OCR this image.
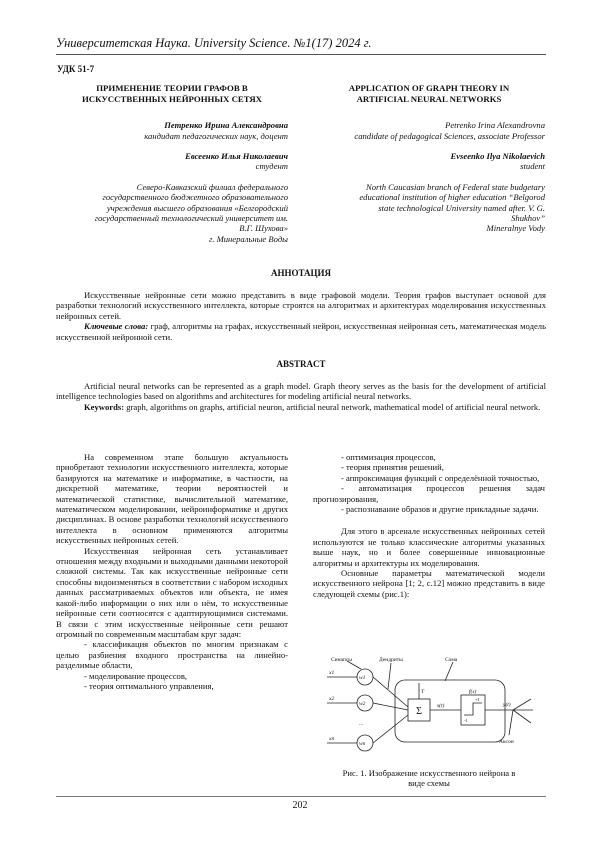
Университетская Наука. University Science. №1(17) 2024 г.
УДК 51-7
ПРИМЕНЕНИЕ ТЕОРИИ ГРАФОВ В
ИСКУССТВЕННЫХ НЕЙРОННЫХ СЕТЯХ
Петренко Ирина Александровна
кандидат педагогических наук, доцент
Евсеенко Илья Николаевич
студент
Северо-Кавказский филиал федерального
государственного бюджетного образовательного
учреждения высшего образования «Белгородский
государственный технологический университет им.
В.Г. Шухова»
г. Минеральные Воды
APPLICATION OF GRAPH THEORY IN
ARTIFICIAL NEURAL NETWORKS
Petrenko Irina Alexandrovna
candidate of pedagogical Sciences, associate Professor
Evseenko Ilya Nikolaevich
student
North Caucasian branch of Federal state budgetary
educational institution of higher education “Belgorod
state technological University named after. V. G.
Shukhov”
Mineralnye Vody
АННОТАЦИЯ

Искусственные нейронные сети можно представить в виде графовой модели. Теория графов выступает основой для разработки технологий искусственного интеллекта, которые строятся на алгоритмах и архитектурах моделирования искусственных нейронных сетей.

Ключевые слова: граф, алгоритмы на графах, искусственный нейрон, искусственная нейронная сеть, математическая модель искусственной нейронной сети.

ABSTRACT

Artificial neural networks can be represented as a graph model. Graph theory serves as the basis for the development of artificial intelligence technologies based on algorithms and architectures for modeling artificial neural networks.

Keywords: graph, algorithms on graphs, artificial neuron, artificial neural network, mathematical model of artificial neural network.

На современном этапе большую актуальность приобретают технологии искусственного интеллекта, которые базируются на математике и информатике, в частности, на дискретной математике, теории вероятностей и математической статистике, вычислительной математике, математическом моделировании, нейроинформатике и других дисциплинах. В основе разработки технологий искусственного интеллекта в основном применяются алгоритмы искусственных нейронных сетей.

Искусственная нейронная сеть устанавливает отношения между входными и выходными данными некоторой сложной системы. Так как искусственные нейронные сети способны видоизменяться в соответствии с набором исходных данных рассматриваемых объектов или объекта, не имея какой-либо информации о них или о нём, то искусственные нейронные сети соотносятся с адаптирующимися системами. В связи с этим искусственные нейронные сети решают огромный по современным масштабам круг задач:

- классификация объектов по многим признакам с целью разбиения входного пространства на линейно-разделимые области,

- моделирование процессов,

- теория оптимального управления,

- оптимизация процессов,

- теория принятия решений,

- аппроксимация функций с определённой точностью,

- автоматизация процессов решения задач прогнозирования,

- распознавание образов и другие прикладные задачи.

Для этого в арсенале искусственных нейронных сетей используются не только классические алгоритмы указанных выше наук, но и более совершенные инновационные алгоритмы и архитектуры их моделирования.

Основные параметры математической модели искусственного нейрона [1; 2, с.12] можно представить в виде следующей схемы (рис.1):

Синапсы	Дендриты	Сома
Аксон
x1
x2
xn
w1
w2
wn
...
T
s(t)
f(s)
+1
-1
y(t)
Σ
Рис. 1. Изображение искусственного нейрона в
виде схемы
202
